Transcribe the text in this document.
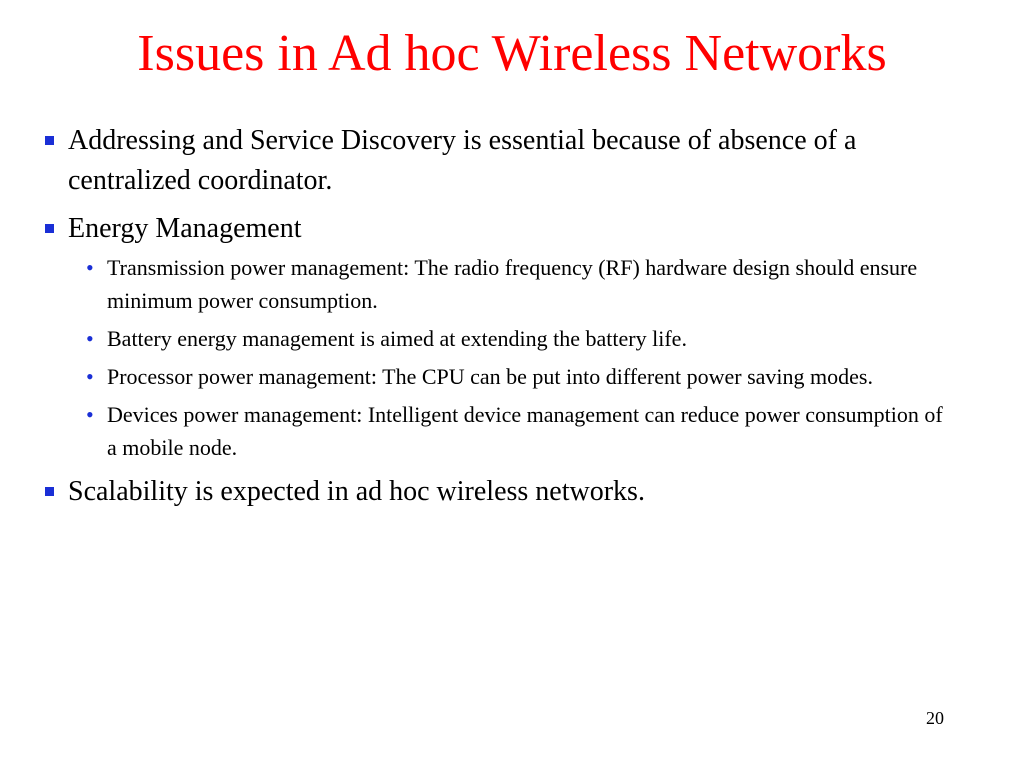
Issues in Ad hoc Wireless Networks
Addressing and Service Discovery is essential because of absence of a centralized coordinator.
Energy Management
• Transmission power management: The radio frequency (RF) hardware design should ensure minimum power consumption.
• Battery energy management is aimed at extending the battery life.
• Processor power management: The CPU can be put into different power saving modes.
• Devices power management: Intelligent device management can reduce power consumption of a mobile node.
Scalability is expected in ad hoc wireless networks.
20
